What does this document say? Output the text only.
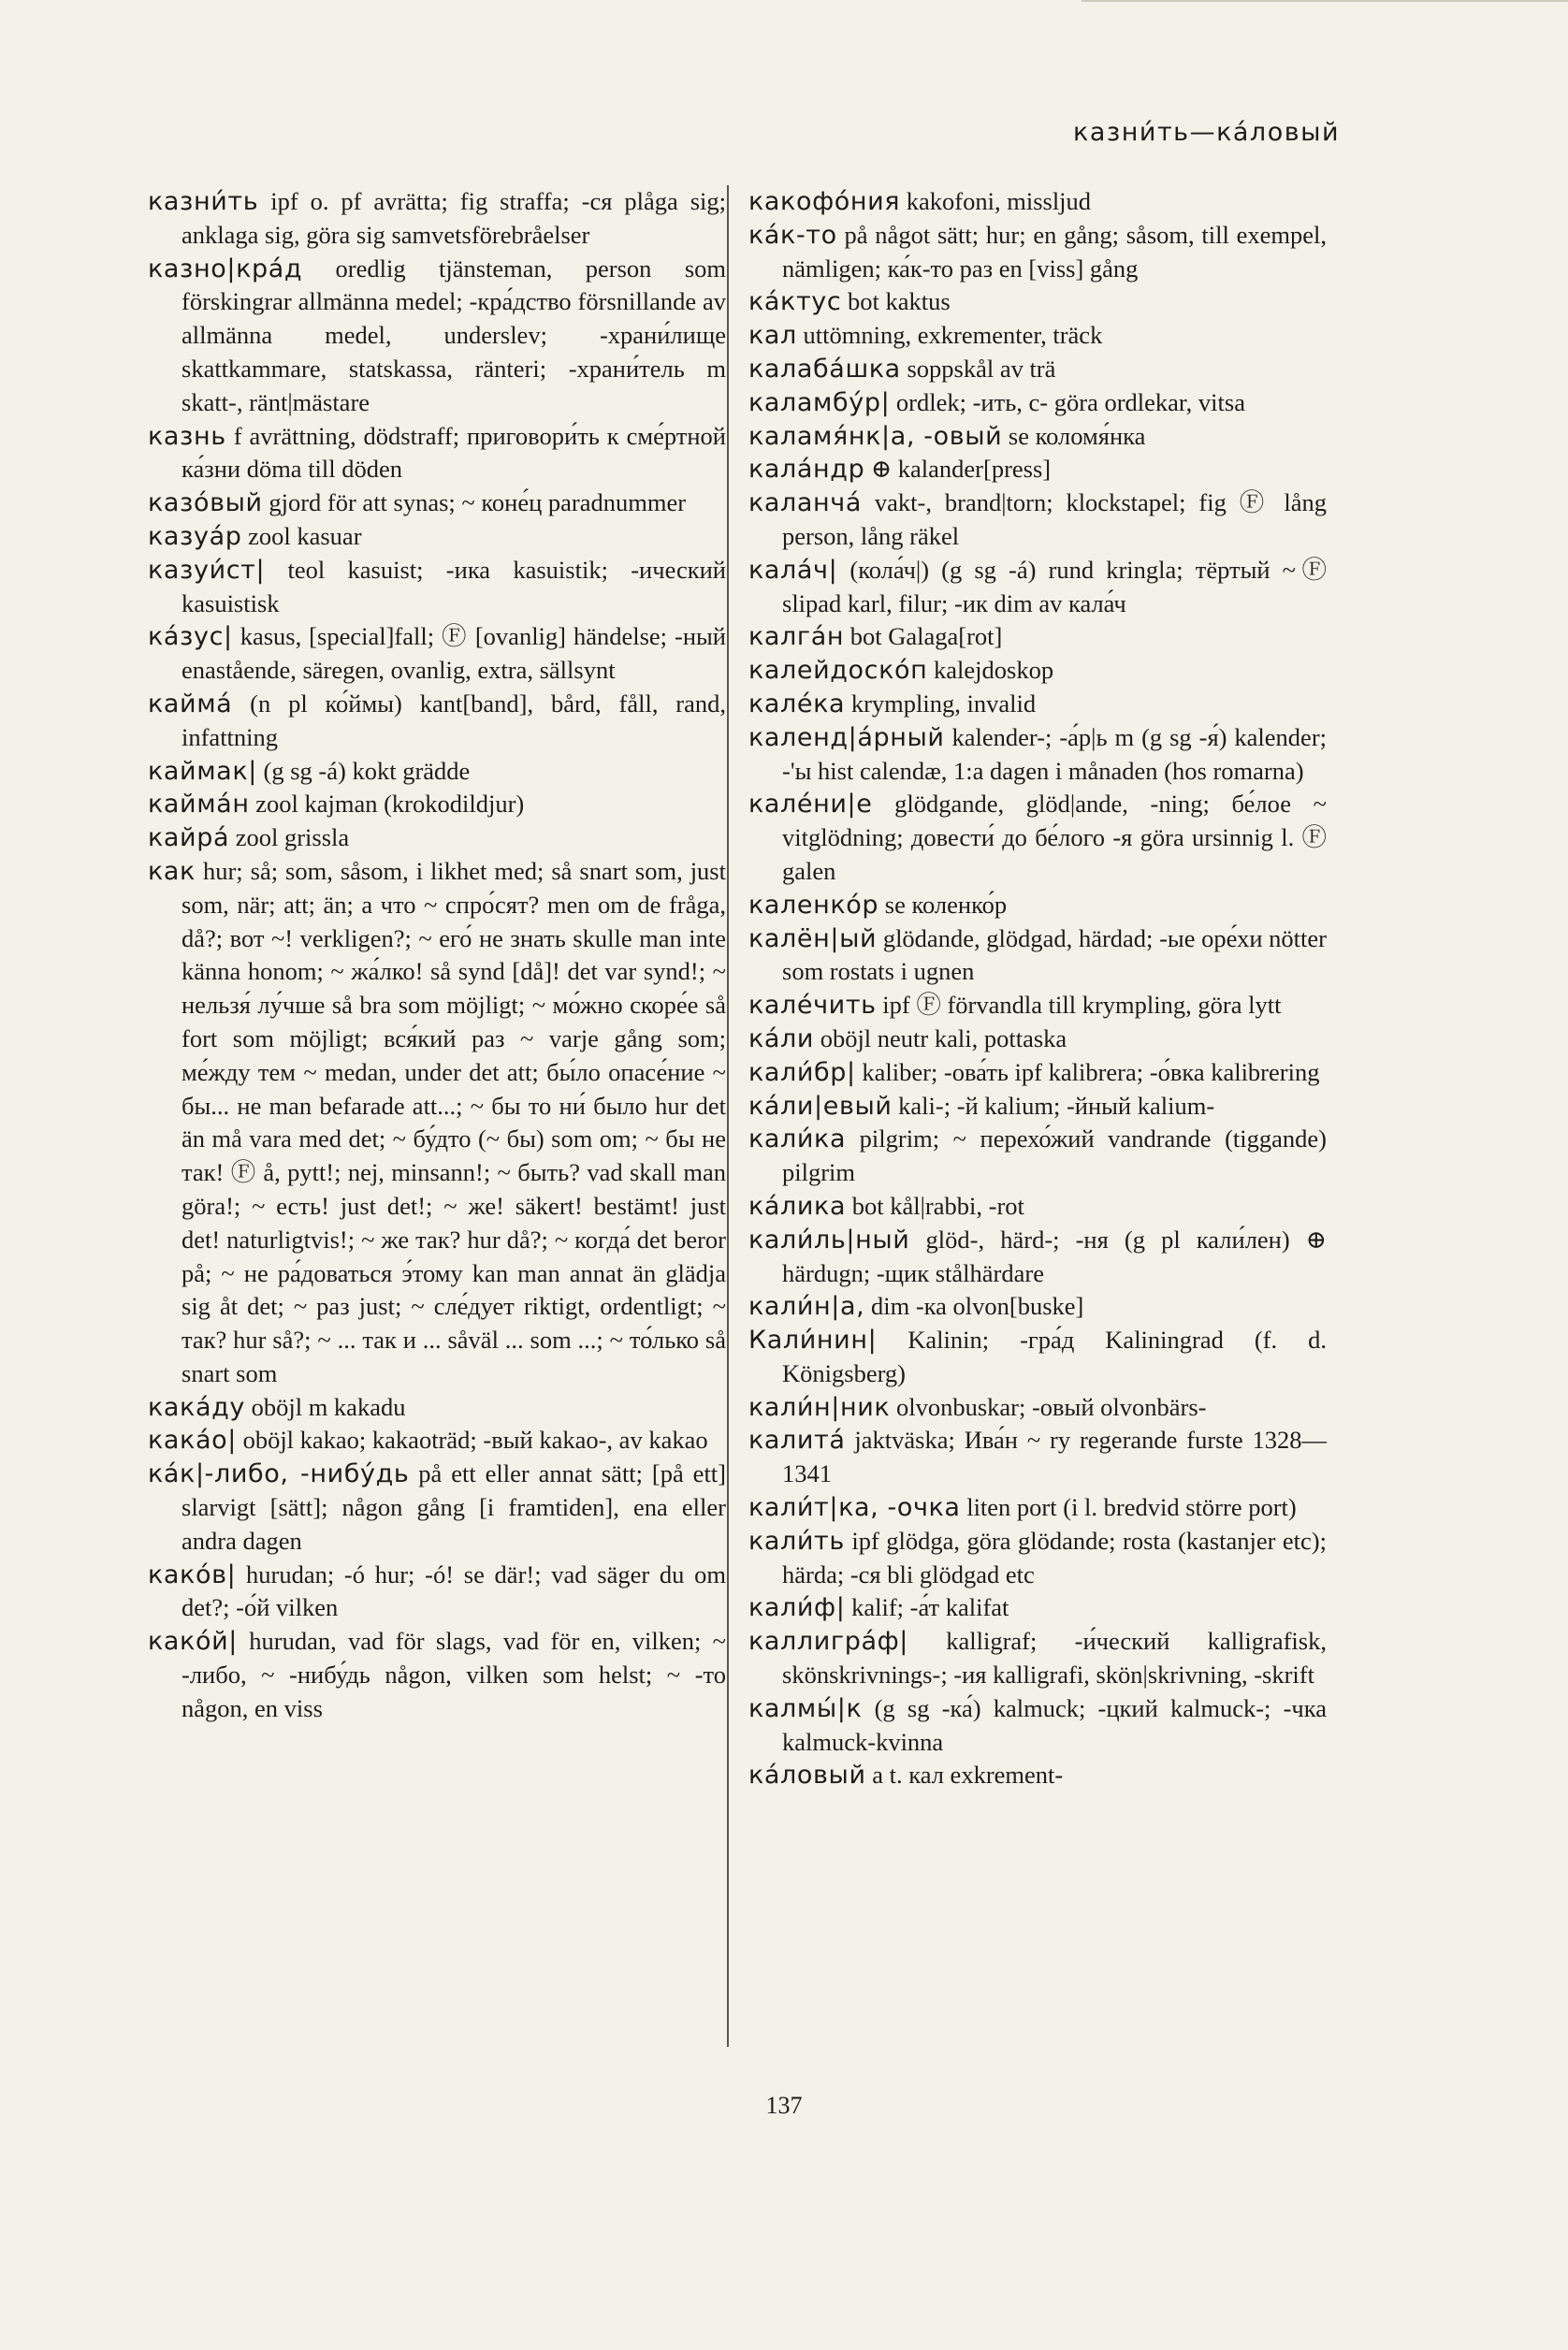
казни́ть—ка́ловый

казни́ть ipf o. pf avrätta; fig straffa; -ся plåga sig; anklaga sig, göra sig samvetsförebråelser

казно|кра́д oredlig tjänsteman, person som förskingrar allmänna medel; -кра́дство försnillande av allmänna medel, underslev; -храни́лище skattkammare, statskassa, ränteri; -храни́тель m skatt-, ränt|mästare

казнь f avrättning, dödstraff; приговори́ть к сме́ртной ка́зни döma till döden

казо́вый gjord för att synas; ~ коне́ц paradnummer

казуа́р zool kasuar

казуи́ст| teol kasuist; -ика kasuistik; -ический kasuistisk

ка́зус| kasus, [special]fall; Ⓕ [ovanlig] händelse; -ный enastående, säregen, ovanlig, extra, sällsynt

кайма́ (n pl ко́ймы) kant[band], bård, fåll, rand, infattning

каймак| (g sg -á) kokt grädde

кайма́н zool kajman (krokodildjur)

кайра́ zool grissla

как hur; så; som, såsom, i likhet med; så snart som, just som, när; att; än; а что ~ спро́сят? men om de fråga, då?; вот ~! verkligen?; ~ его́ не знать skulle man inte känna honom; ~ жа́лко! så synd [då]! det var synd!; ~ нельзя́ лу́чше så bra som möjligt; ~ мо́жно скоре́е så fort som möjligt; вся́кий раз ~ varje gång som; ме́жду тем ~ medan, under det att; бы́ло опасе́ние ~ бы... не man befarade att...; ~ бы то ни́ было hur det än må vara med det; ~ бу́дто (~ бы) som om; ~ бы не так! Ⓕ å, pytt!; nej, minsann!; ~ быть? vad skall man göra!; ~ есть! just det!; ~ же! säkert! bestämt! just det! naturligtvis!; ~ же так? hur då?; ~ когда́ det beror på; ~ не ра́доваться э́тому kan man annat än glädja sig åt det; ~ раз just; ~ сле́дует riktigt, ordentligt; ~ так? hur så?; ~ ... так и ... såväl ... som ...; ~ то́лько så snart som

кака́ду oböjl m kakadu

кака́о| oböjl kakao; kakaoträd; -вый kakao-, av kakao

ка́к|-либо, -нибу́дь på ett eller annat sätt; [på ett] slarvigt [sätt]; någon gång [i framtiden], ena eller andra dagen

како́в| hurudan; -ó hur; -ó! se där!; vad säger du om det?; -о́й vilken

како́й| hurudan, vad för slags, vad för en, vilken; ~ -либо, ~ -нибу́дь någon, vilken som helst; ~ -то någon, en viss

какофо́ния kakofoni, missljud

ка́к-то på något sätt; hur; en gång; såsom, till exempel, nämligen; ка́к-то раз en [viss] gång

ка́ктус bot kaktus

кал uttömning, exkrementer, träck

калаба́шка soppskål av trä

каламбу́р| ordlek; -ить, с- göra ordlekar, vitsa

каламя́нк|а, -овый se коломя́нка

кала́ндр ⊕ kalander[press]

каланча́ vakt-, brand|torn; klockstapel; fig Ⓕ lång person, lång räkel

кала́ч| (кола́ч|) (g sg -á) rund kringla; тёртый ~Ⓕ slipad karl, filur; -ик dim av кала́ч

калга́н bot Galaga[rot]

калейдоско́п kalejdoskop

кале́ка krympling, invalid

календ|а́рный kalender-; -а́р|ь m (g sg -я́) kalender; -'ы hist calendæ, 1:a dagen i månaden (hos romarna)

кале́ни|е glödgande, glöd|ande, -ning; бе́лое ~ vitglödning; довести́ до бе́лого -я göra ursinnig l. Ⓕ galen

каленко́р se коленко́р

калён|ый glödande, glödgad, härdad; -ые оре́хи nötter som rostats i ugnen

кале́чить ipf Ⓕ förvandla till krympling, göra lytt

ка́ли oböjl neutr kali, pottaska

кали́бр| kaliber; -ова́ть ipf kalibrera; -о́вка kalibrering

ка́ли|евый kali-; -й kalium; -йный kalium-

кали́ка pilgrim; ~ перехо́жий vandrande (tiggande) pilgrim

ка́лика bot kål|rabbi, -rot

кали́ль|ный glöd-, härd-; -ня (g pl кали́лен) ⊕ härdugn; -щик stålhärdare

кали́н|а, dim -ка olvon[buske]

Кали́нин| Kalinin; -гра́д Kaliningrad (f. d. Königsberg)

кали́н|ник olvonbuskar; -овый olvonbärs-

калита́ jaktväska; Ива́н ~ ry regerande furste 1328—1341

кали́т|ка, -очка liten port (i l. bredvid större port)

кали́ть ipf glödga, göra glödande; rosta (kastanjer etc); härda; -ся bli glödgad etc

кали́ф| kalif; -а́т kalifat

каллигра́ф| kalligraf; -и́ческий kalligrafisk, skönskrivnings-; -ия kalligrafi, skön|skrivning, -skrift

калмы́|к (g sg -ка́) kalmuck; -цкий kalmuck-; -чка kalmuck-kvinna

ка́ловый a t. кал exkrement-

137
